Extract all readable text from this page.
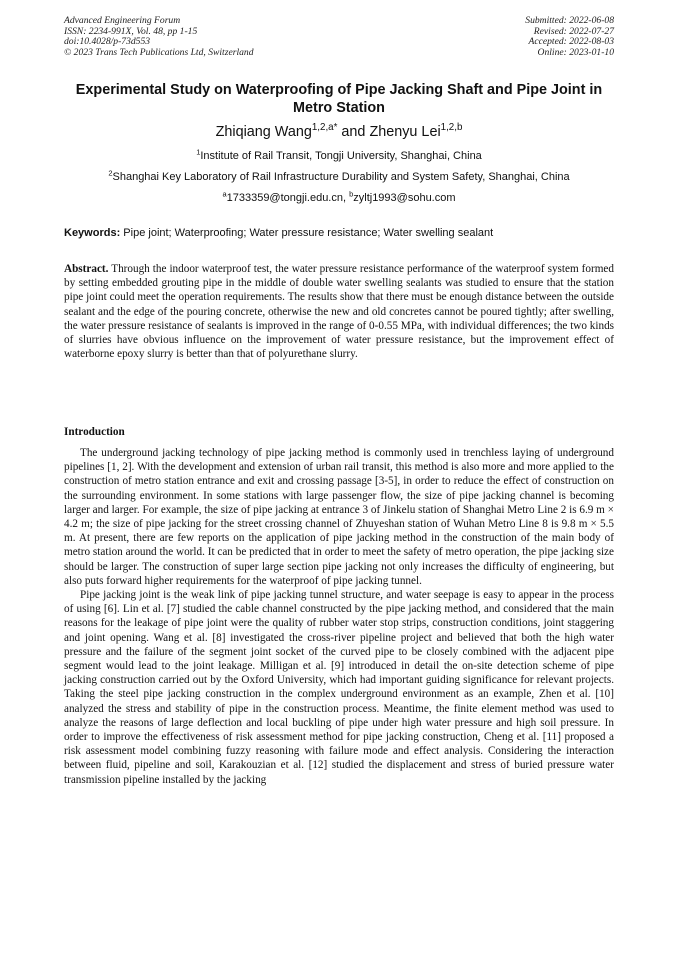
Advanced Engineering Forum
ISSN: 2234-991X, Vol. 48, pp 1-15
doi:10.4028/p-73d553
© 2023 Trans Tech Publications Ltd, Switzerland
Submitted: 2022-06-08
Revised: 2022-07-27
Accepted: 2022-08-03
Online: 2023-01-10
Experimental Study on Waterproofing of Pipe Jacking Shaft and Pipe Joint in Metro Station
Zhiqiang Wang$^{1,2,a*}$ and Zhenyu Lei$^{1,2,b}$
$^1$Institute of Rail Transit, Tongji University, Shanghai, China
$^2$Shanghai Key Laboratory of Rail Infrastructure Durability and System Safety, Shanghai, China
$^a$1733359@tongji.edu.cn, $^b$zyltj1993@sohu.com
Keywords: Pipe joint; Waterproofing; Water pressure resistance; Water swelling sealant
Abstract. Through the indoor waterproof test, the water pressure resistance performance of the waterproof system formed by setting embedded grouting pipe in the middle of double water swelling sealants was studied to ensure that the station pipe joint could meet the operation requirements. The results show that there must be enough distance between the outside sealant and the edge of the pouring concrete, otherwise the new and old concretes cannot be poured tightly; after swelling, the water pressure resistance of sealants is improved in the range of 0-0.55 MPa, with individual differences; the two kinds of slurries have obvious influence on the improvement of water pressure resistance, but the improvement effect of waterborne epoxy slurry is better than that of polyurethane slurry.
Introduction

The underground jacking technology of pipe jacking method is commonly used in trenchless laying of underground pipelines [1, 2]. With the development and extension of urban rail transit, this method is also more and more applied to the construction of metro station entrance and exit and crossing passage [3-5], in order to reduce the effect of construction on the surrounding environment. In some stations with large passenger flow, the size of pipe jacking channel is becoming larger and larger. For example, the size of pipe jacking at entrance 3 of Jinkelu station of Shanghai Metro Line 2 is 6.9 m × 4.2 m; the size of pipe jacking for the street crossing channel of Zhuyeshan station of Wuhan Metro Line 8 is 9.8 m × 5.5 m. At present, there are few reports on the application of pipe jacking method in the construction of the main body of metro station around the world. It can be predicted that in order to meet the safety of metro operation, the pipe jacking size should be larger. The construction of super large section pipe jacking not only increases the difficulty of engineering, but also puts forward higher requirements for the waterproof of pipe jacking tunnel.

Pipe jacking joint is the weak link of pipe jacking tunnel structure, and water seepage is easy to appear in the process of using [6]. Lin et al. [7] studied the cable channel constructed by the pipe jacking method, and considered that the main reasons for the leakage of pipe joint were the quality of rubber water stop strips, construction conditions, joint staggering and joint opening. Wang et al. [8] investigated the cross-river pipeline project and believed that both the high water pressure and the failure of the segment joint socket of the curved pipe to be closely combined with the adjacent pipe segment would lead to the joint leakage. Milligan et al. [9] introduced in detail the on-site detection scheme of pipe jacking construction carried out by the Oxford University, which had important guiding significance for relevant projects. Taking the steel pipe jacking construction in the complex underground environment as an example, Zhen et al. [10] analyzed the stress and stability of pipe in the construction process. Meantime, the finite element method was used to analyze the reasons of large deflection and local buckling of pipe under high water pressure and high soil pressure. In order to improve the effectiveness of risk assessment method for pipe jacking construction, Cheng et al. [11] proposed a risk assessment model combining fuzzy reasoning with failure mode and effect analysis. Considering the interaction between fluid, pipeline and soil, Karakouzian et al. [12] studied the displacement and stress of buried pressure water transmission pipeline installed by the jacking
